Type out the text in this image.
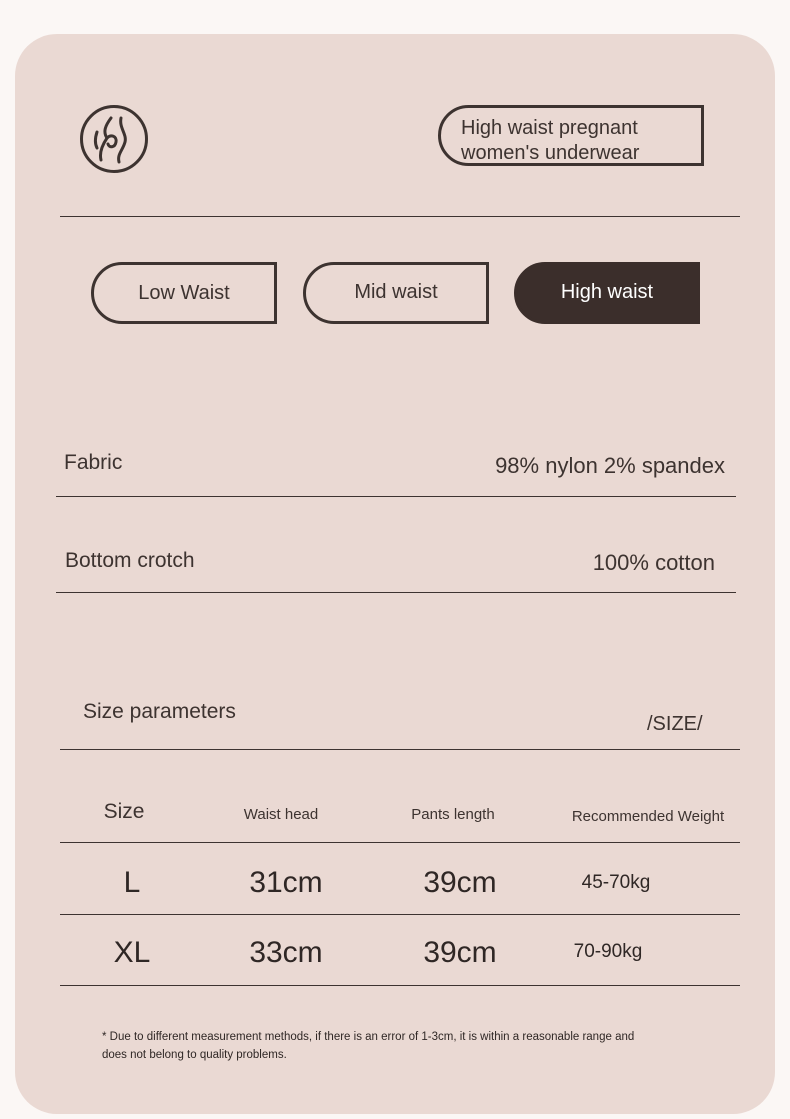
High waist pregnant
women's underwear
Low Waist	Mid waist	High waist
Fabric	98% nylon 2% spandex
Bottom crotch	100% cotton
Size parameters
/SIZE/
Size	Waist head	Pants length	Recommended Weight
L	31cm	39cm	45-70kg
XL	33cm	39cm	70-90kg
* Due to different measurement methods, if there is an error of 1-3cm, it is within a reasonable range and
does not belong to quality problems.
